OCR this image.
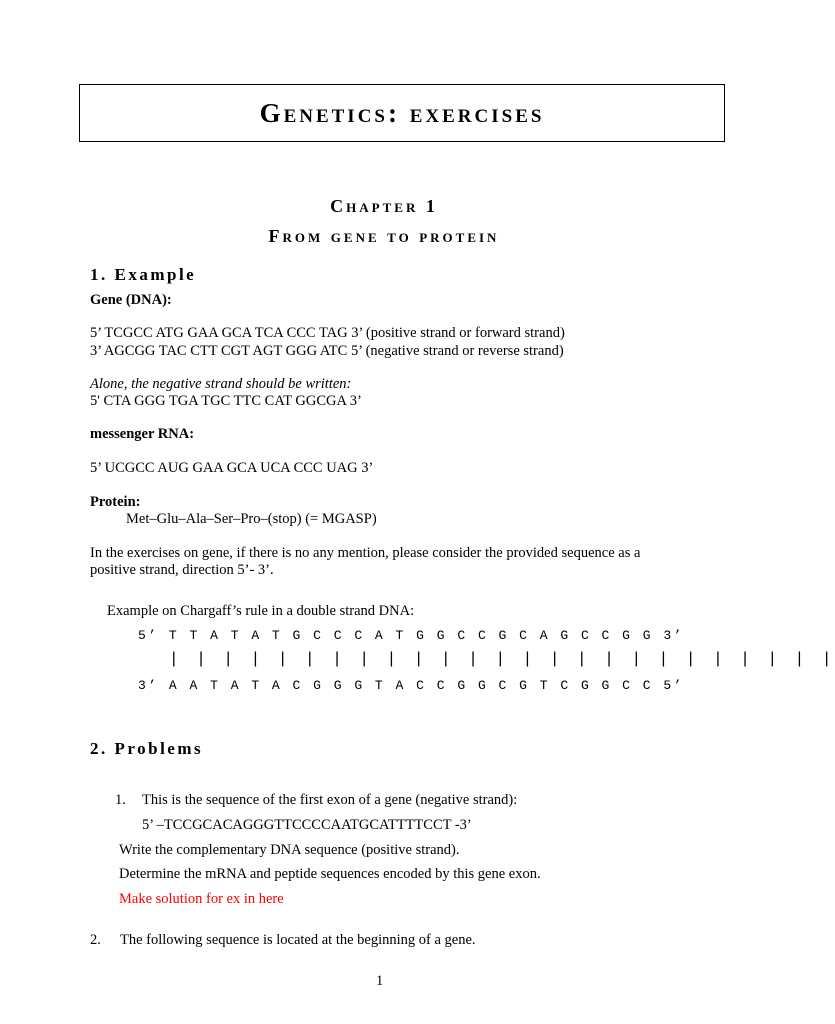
Genetics: exercises
Chapter 1
From gene to protein
1. Example
Gene (DNA):
5’ TCGCC ATG GAA GCA TCA CCC TAG 3’ (positive strand or forward strand)
3’ AGCGG TAC CTT CGT AGT GGG ATC 5’ (negative strand or reverse strand)
Alone, the negative strand should be written:
5' CTA GGG TGA TGC TTC CAT GGCGA 3’
messenger RNA:
5’ UCGCC AUG GAA GCA UCA CCC UAG 3’
Protein:
Met–Glu–Ala–Ser–Pro–(stop) (= MGASP)
In the exercises on gene, if there is no any mention, please consider the provided sequence as a
positive strand, direction 5’- 3’.
Example on Chargaff’s rule in a double strand DNA:
5’ T T A T A T G C C C A T G G C C G C A G C C G G 3’
| | | | | | | | | | | | | | | | | | | | | | | | |
3’ A A T A T A C G G G T A C C G G C G T C G G C C 5’
2. Problems
1. This is the sequence of the first exon of a gene (negative strand):
5’ –TCCGCACAGGGTTCCCCAATGCATTTTCCT -3’
Write the complementary DNA sequence (positive strand).
Determine the mRNA and peptide sequences encoded by this gene exon.
Make solution for ex in here
2. The following sequence is located at the beginning of a gene.
1
